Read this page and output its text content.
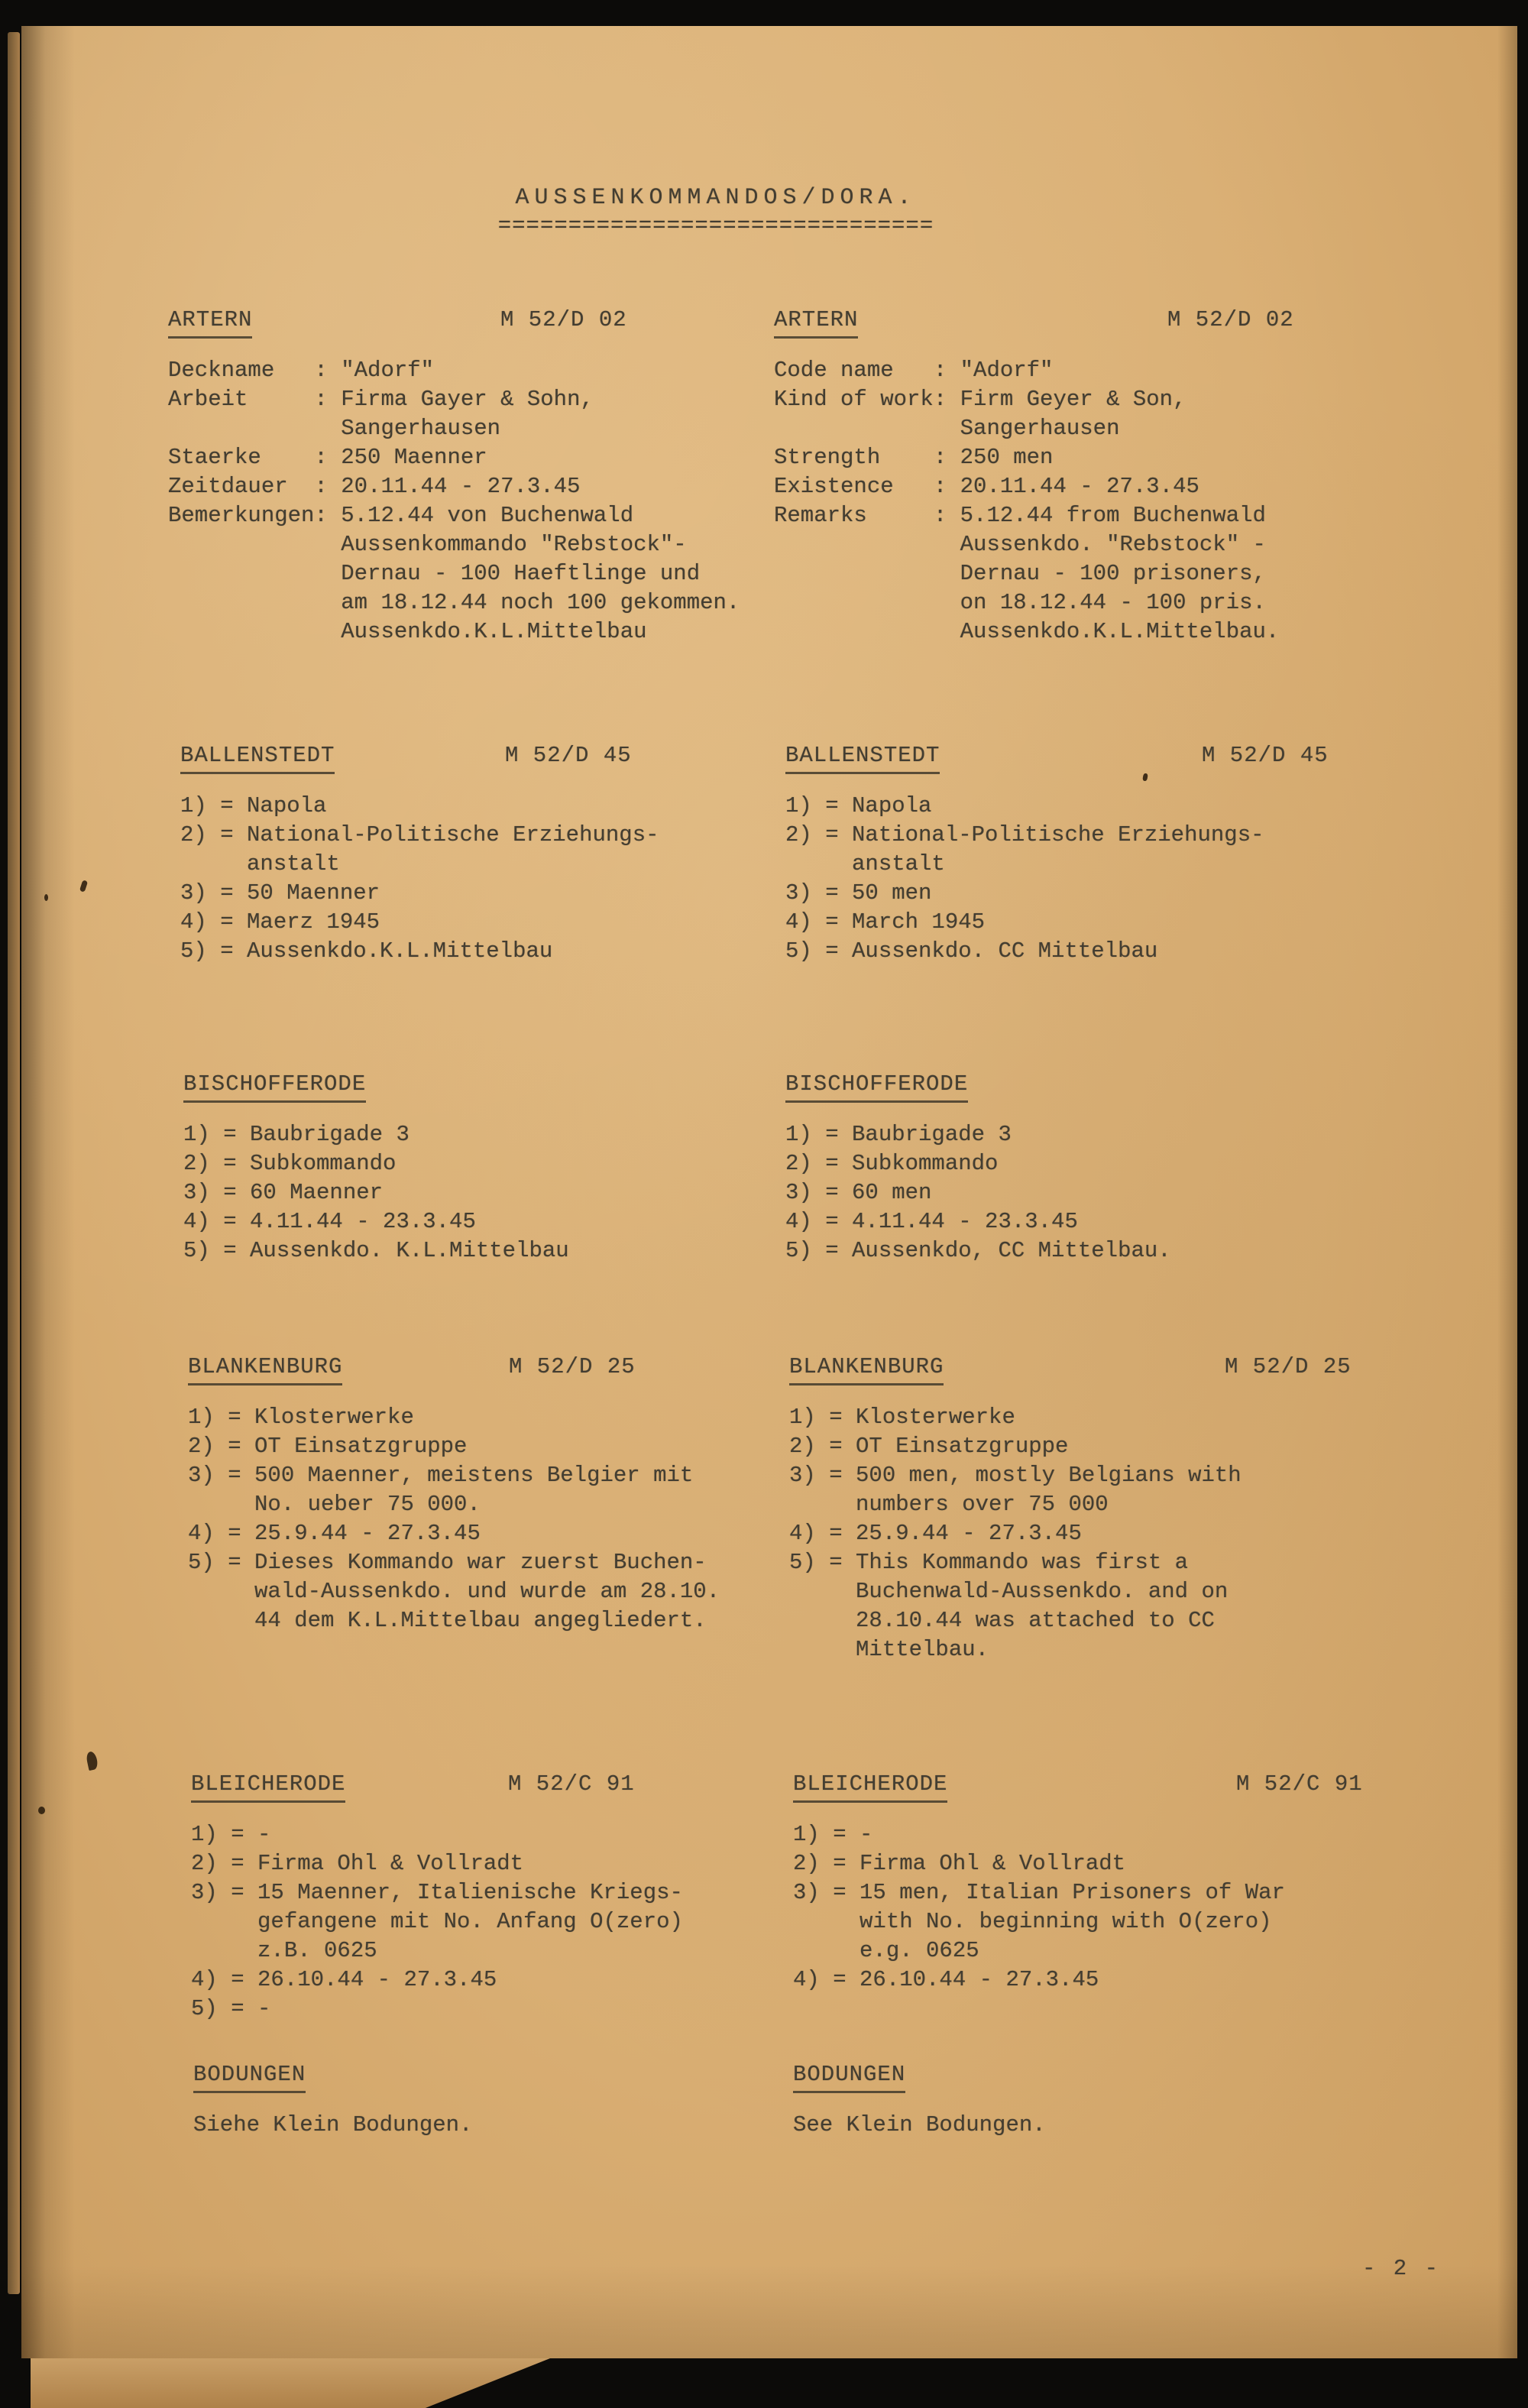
AUSSENKOMMANDOS/DORA.
===============================
ARTERN	M 52/D 02
Deckname   : "Adorf"
Arbeit     : Firma Gayer & Sohn,
Sangerhausen
Staerke    : 250 Maenner
Zeitdauer  : 20.11.44 - 27.3.45
Bemerkungen: 5.12.44 von Buchenwald
Aussenkommando "Rebstock"-
Dernau - 100 Haeftlinge und
am 18.12.44 noch 100 gekommen.
Aussenkdo.K.L.Mittelbau
ARTERN	M 52/D 02
Code name   : "Adorf"
Kind of work: Firm Geyer & Son,
Sangerhausen
Strength    : 250 men
Existence   : 20.11.44 - 27.3.45
Remarks     : 5.12.44 from Buchenwald
Aussenkdo. "Rebstock" -
Dernau - 100 prisoners,
on 18.12.44 - 100 pris.
Aussenkdo.K.L.Mittelbau.
BALLENSTEDT	M 52/D 45
1) = Napola
2) = National-Politische Erziehungs-
anstalt
3) = 50 Maenner
4) = Maerz 1945
5) = Aussenkdo.K.L.Mittelbau
BALLENSTEDT	M 52/D 45
1) = Napola
2) = National-Politische Erziehungs-
anstalt
3) = 50 men
4) = March 1945
5) = Aussenkdo. CC Mittelbau
BISCHOFFERODE
1) = Baubrigade 3
2) = Subkommando
3) = 60 Maenner
4) = 4.11.44 - 23.3.45
5) = Aussenkdo. K.L.Mittelbau
BISCHOFFERODE
1) = Baubrigade 3
2) = Subkommando
3) = 60 men
4) = 4.11.44 - 23.3.45
5) = Aussenkdo, CC Mittelbau.
BLANKENBURG	M 52/D 25
1) = Klosterwerke
2) = OT Einsatzgruppe
3) = 500 Maenner, meistens Belgier mit
No. ueber 75 000.
4) = 25.9.44 - 27.3.45
5) = Dieses Kommando war zuerst Buchen-
wald-Aussenkdo. und wurde am 28.10.
44 dem K.L.Mittelbau angegliedert.
BLANKENBURG	M 52/D 25
1) = Klosterwerke
2) = OT Einsatzgruppe
3) = 500 men, mostly Belgians with
numbers over 75 000
4) = 25.9.44 - 27.3.45
5) = This Kommando was first a
Buchenwald-Aussenkdo. and on
28.10.44 was attached to CC
Mittelbau.
BLEICHERODE	M 52/C 91
1) = -
2) = Firma Ohl & Vollradt
3) = 15 Maenner, Italienische Kriegs-
gefangene mit No. Anfang O(zero)
z.B. 0625
4) = 26.10.44 - 27.3.45
5) = -
BLEICHERODE	M 52/C 91
1) = -
2) = Firma Ohl & Vollradt
3) = 15 men, Italian Prisoners of War
with No. beginning with O(zero)
e.g. 0625
4) = 26.10.44 - 27.3.45
BODUNGEN
Siehe Klein Bodungen.
BODUNGEN
See Klein Bodungen.
- 2 -
